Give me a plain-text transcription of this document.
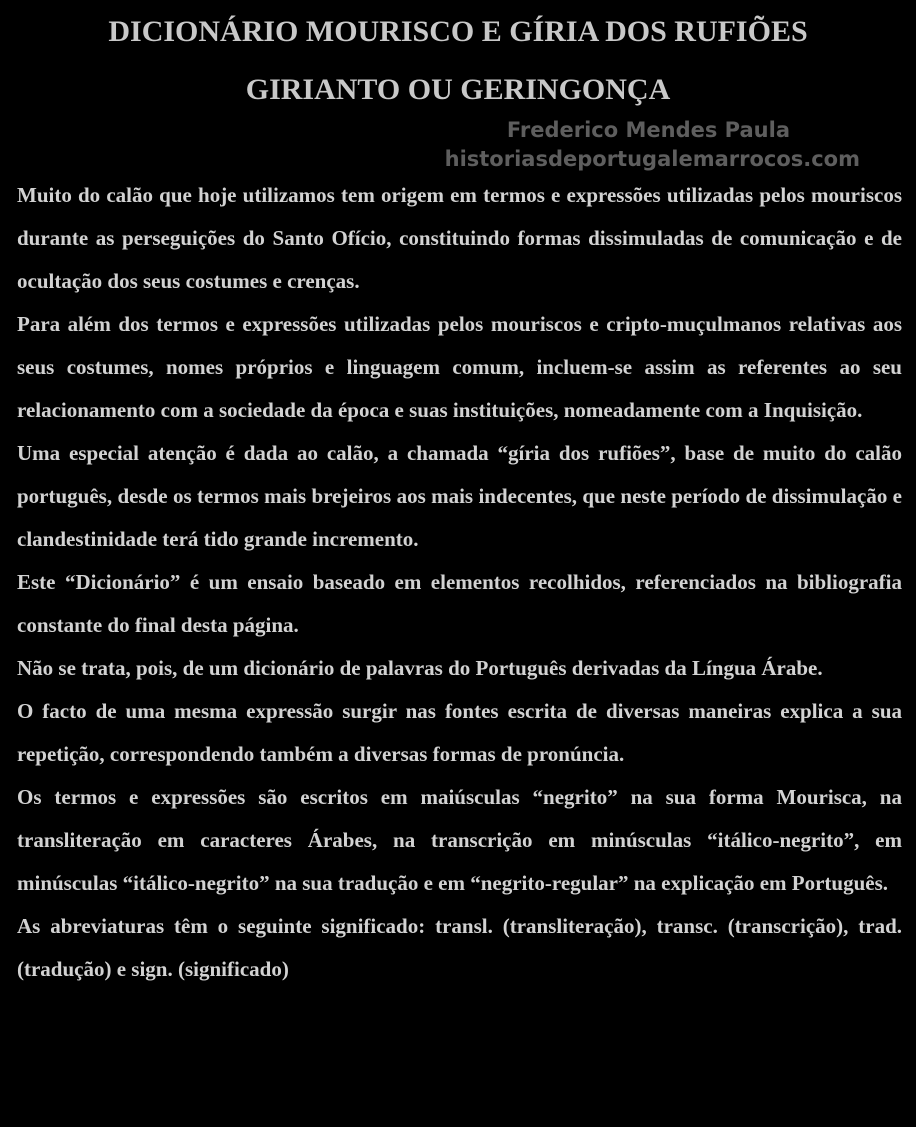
DICIONÁRIO MOURISCO E GÍRIA DOS RUFIÕES
GIRIANTO OU GERINGONÇA
Frederico Mendes Paula
historiasdeportugalemarrocos.com

Muito do calão que hoje utilizamos tem origem em termos e expressões utilizadas pelos mouriscos durante as perseguições do Santo Ofício, constituindo formas dissimuladas de comunicação e de ocultação dos seus costumes e crenças.

Para além dos termos e expressões utilizadas pelos mouriscos e cripto-muçulmanos relativas aos seus costumes, nomes próprios e linguagem comum, incluem-se assim as referentes ao seu relacionamento com a sociedade da época e suas instituições, nomeadamente com a Inquisição.

Uma especial atenção é dada ao calão, a chamada “gíria dos rufiões”, base de muito do calão português, desde os termos mais brejeiros aos mais indecentes, que neste período de dissimulação e clandestinidade terá tido grande incremento.

Este “Dicionário” é um ensaio baseado em elementos recolhidos, referenciados na bibliografia constante do final desta página.

Não se trata, pois, de um dicionário de palavras do Português derivadas da Língua Árabe.

O facto de uma mesma expressão surgir nas fontes escrita de diversas maneiras explica a sua repetição, correspondendo também a diversas formas de pronúncia.

Os termos e expressões são escritos em maiúsculas “negrito” na sua forma Mourisca, na transliteração em caracteres Árabes, na transcrição em minúsculas “itálico-negrito”, em minúsculas “itálico-negrito” na sua tradução e em “negrito-regular” na explicação em Português.

As abreviaturas têm o seguinte significado: transl. (transliteração), transc. (transcrição), trad. (tradução) e sign. (significado)
